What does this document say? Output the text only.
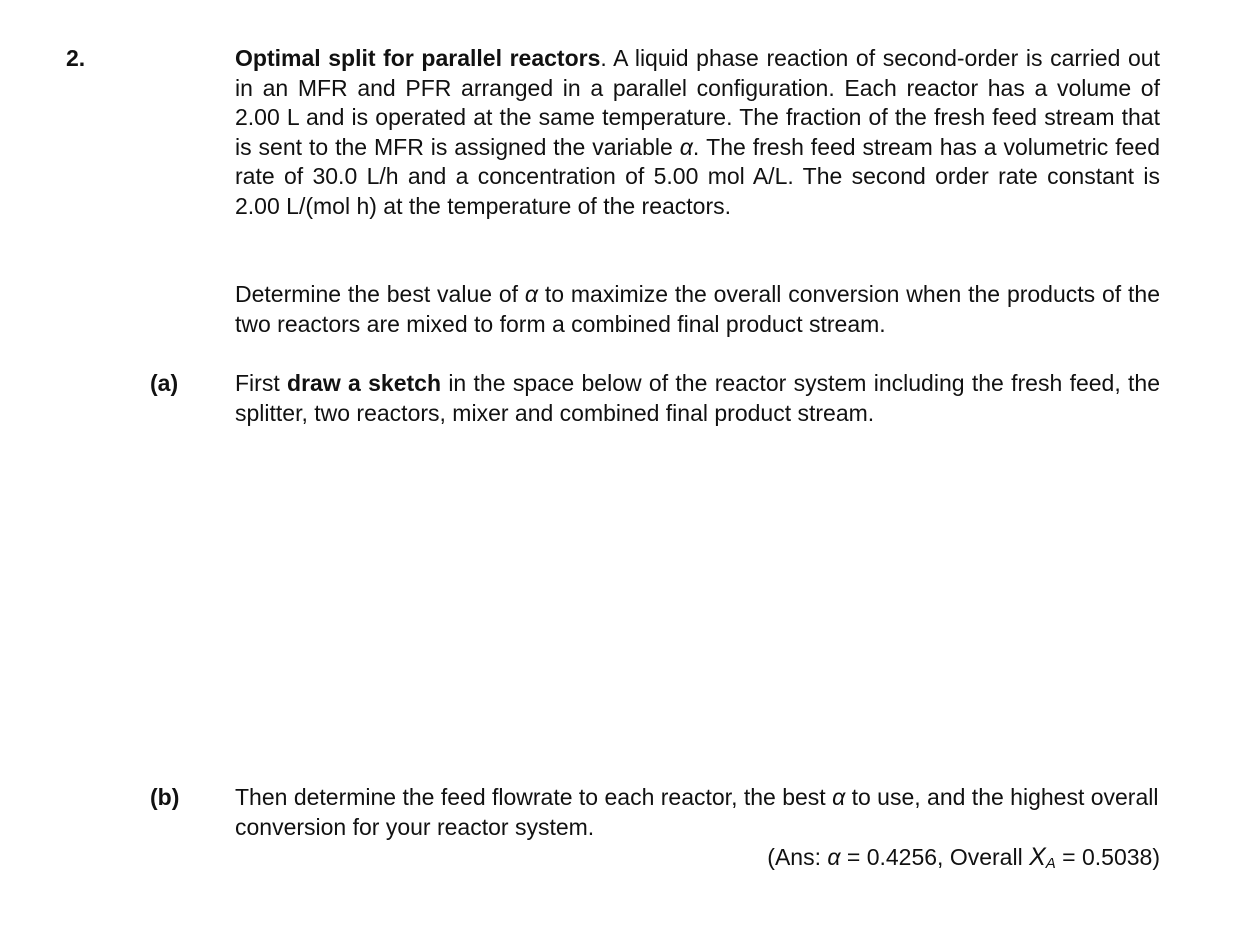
2.	Optimal split for parallel reactors. A liquid phase reaction of second-order is carried out in an MFR and PFR arranged in a parallel configuration. Each reactor has a volume of 2.00 L and is operated at the same temperature. The fraction of the fresh feed stream that is sent to the MFR is assigned the variable α. The fresh feed stream has a volumetric feed rate of 30.0 L/h and a concentration of 5.00 mol A/L. The second order rate constant is 2.00 L/(mol h) at the temperature of the reactors.
Determine the best value of α to maximize the overall conversion when the products of the two reactors are mixed to form a combined final product stream.
(a) First draw a sketch in the space below of the reactor system including the fresh feed, the splitter, two reactors, mixer and combined final product stream.
(b) Then determine the feed flowrate to each reactor, the best α to use, and the highest overall conversion for your reactor system.
(Ans: α = 0.4256, Overall XA = 0.5038)
